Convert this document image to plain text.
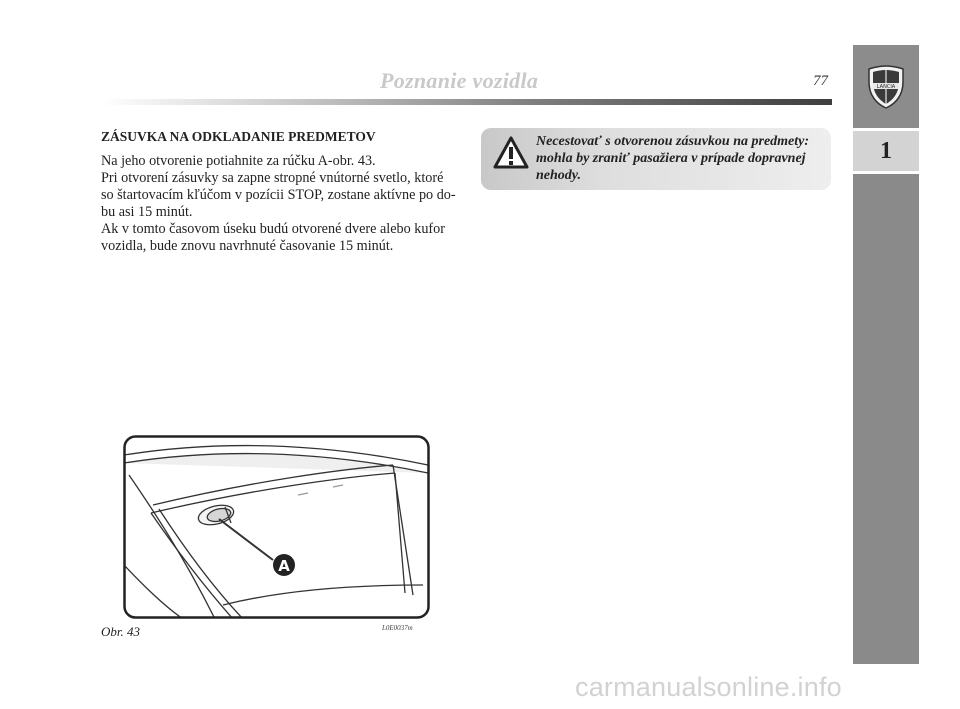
Poznanie vozidla	77	LANCIA
1
ZÁSUVKA NA ODKLADANIE PREDMETOV

Na jeho otvorenie potiahnite za rúčku A-obr. 43.

Pri otvorení zásuvky sa zapne stropné vnútorné svetlo, ktoré so štartovacím kľúčom v pozícii STOP, zostane aktívne po do-bu asi 15 minút.

Ak v tomto časovom úseku budú otvorené dvere alebo kufor vozidla, bude znovu navrhnuté časovanie 15 minút.

Necestovať s otvorenou zásuvkou na predmety: mohla by zraniť pasažiera v prípade dopravnej nehody.
A
Obr. 43	L0E0037m
carmanualsonline.info
